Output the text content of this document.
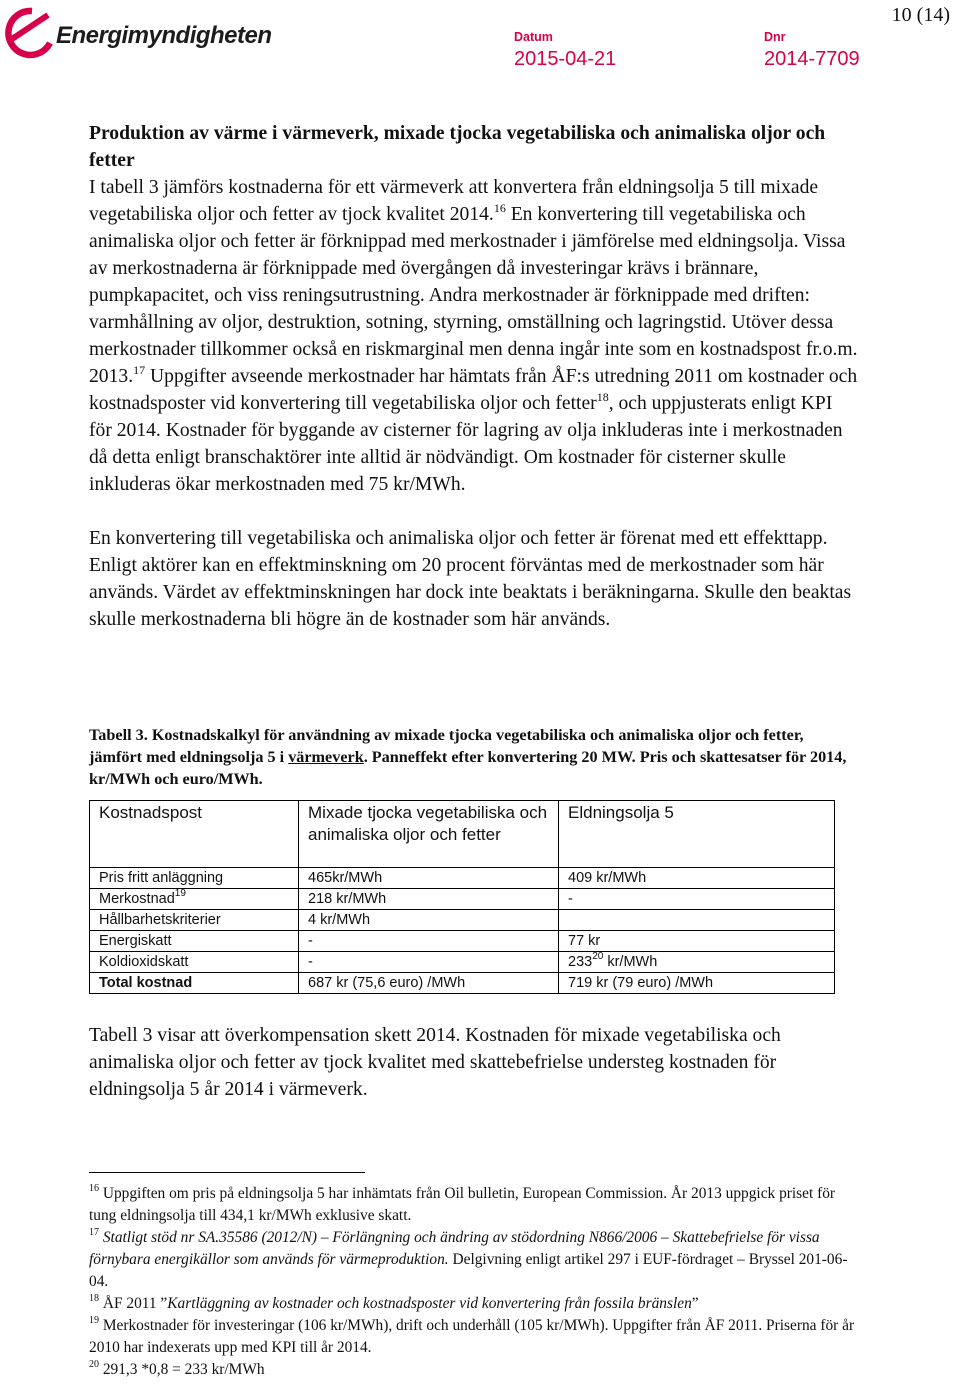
Energimyndigheten	Datum
2015-04-21
Dnr
2014-7709
10 (14)

Produktion av värme i värmeverk, mixade tjocka vegetabiliska och animaliska oljor och fetter

I tabell 3 jämförs kostnaderna för ett värmeverk att konvertera från eldningsolja 5 till mixade vegetabiliska oljor och fetter av tjock kvalitet 2014.16 En konvertering till vegetabiliska och animaliska oljor och fetter är förknippad med merkostnader i jämförelse med eldningsolja. Vissa av merkostnaderna är förknippade med övergången då investeringar krävs i brännare, pumpkapacitet, och viss reningsutrustning. Andra merkostnader är förknippade med driften: varmhållning av oljor, destruktion, sotning, styrning, omställning och lagringstid. Utöver dessa merkostnader tillkommer också en riskmarginal men denna ingår inte som en kostnadspost fr.o.m. 2013.17 Uppgifter avseende merkostnader har hämtats från ÅF:s utredning 2011 om kostnader och kostnadsposter vid konvertering till vegetabiliska oljor och fetter$^{18}$, och uppjusterats enligt KPI för 2014. Kostnader för byggande av cisterner för lagring av olja inkluderas inte i merkostnaden då detta enligt branschaktörer inte alltid är nödvändigt. Om kostnader för cisterner skulle inkluderas ökar merkostnaden med 75 kr/MWh.

En konvertering till vegetabiliska och animaliska oljor och fetter är förenat med ett effekttapp. Enligt aktörer kan en effektminskning om 20 procent förväntas med de merkostnader som här används. Värdet av effektminskningen har dock inte beaktats i beräkningarna. Skulle den beaktas skulle merkostnaderna bli högre än de kostnader som här används.

Tabell 3. Kostnadskalkyl för användning av mixade tjocka vegetabiliska och animaliska oljor och fetter, jämfört med eldningsolja 5 i värmeverk. Panneffekt efter konvertering 20 MW. Pris och skattesatser för 2014, kr/MWh och euro/MWh.
Kostnadspost	Mixade tjocka vegetabiliska och animaliska oljor och fetter	Eldningsolja 5
Pris fritt anläggning	465kr/MWh	409 kr/MWh
Merkostnad$^{19}$	218 kr/MWh	-
Hållbarhetskriterier	4 kr/MWh	
Energiskatt	-	77 kr
Koldioxidskatt	-	$233^{20}$ kr/MWh
Total kostnad	687 kr (75,6 euro) /MWh	719 kr (79 euro) /MWh
Tabell 3 visar att överkompensation skett 2014. Kostnaden för mixade vegetabiliska och animaliska oljor och fetter av tjock kvalitet med skattebefrielse understeg kostnaden för eldningsolja 5 år 2014 i värmeverk.

$^{16}$ Uppgiften om pris på eldningsolja 5 har inhämtats från Oil bulletin, European Commission. År 2013 uppgick priset för tung eldningsolja till 434,1 kr/MWh exklusive skatt.

$^{17}$ Statligt stöd nr SA.35586 (2012/N) – Förlängning och ändring av stödordning N866/2006 – Skattebefrielse för vissa förnybara energikällor som används för värmeproduktion. Delgivning enligt artikel 297 i EUF-fördraget – Bryssel 201-06-04.

$^{18}$ ÅF 2011 ”Kartläggning av kostnader och kostnadsposter vid konvertering från fossila bränslen”

$^{19}$ Merkostnader för investeringar (106 kr/MWh), drift och underhåll (105 kr/MWh). Uppgifter från ÅF 2011. Priserna för år 2010 har indexerats upp med KPI till år 2014.

$^{20}$ 291,3 *0,8 = 233 kr/MWh
